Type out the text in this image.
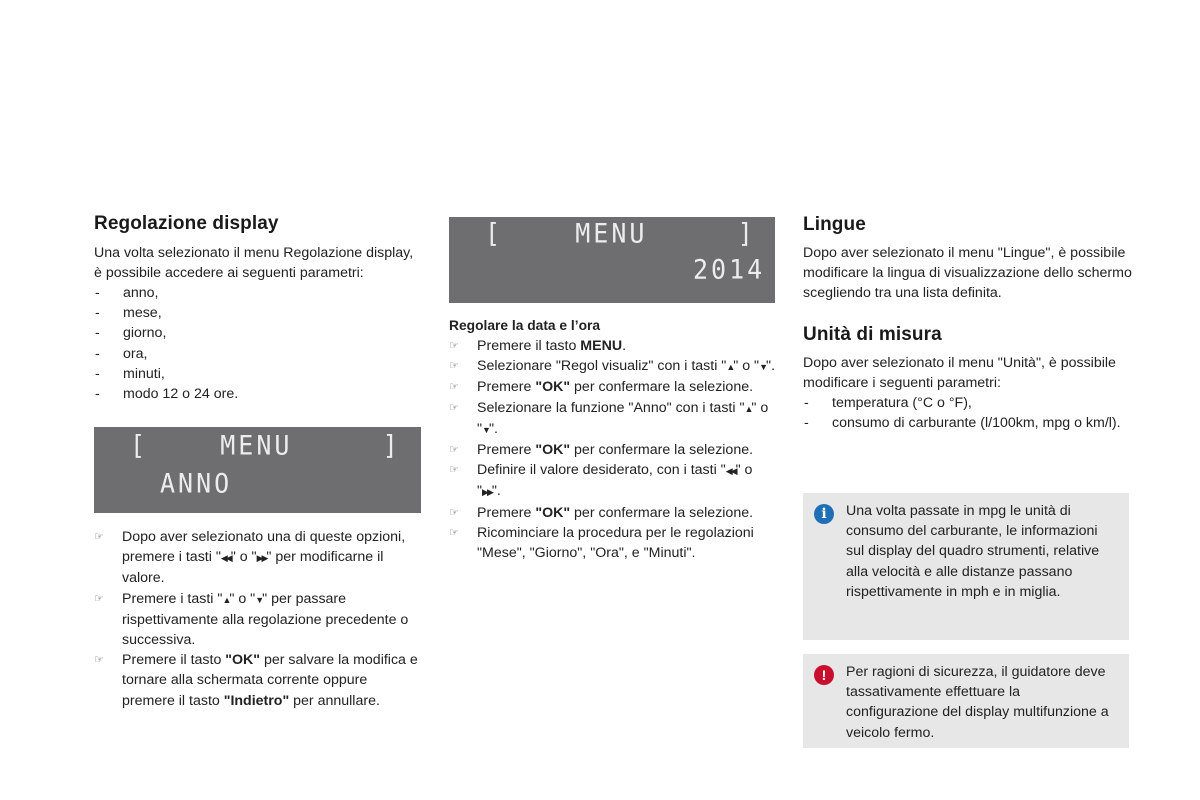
Regolazione display

Una volta selezionato il menu Regolazione display, è possibile accedere ai seguenti parametri:

- anno,
- mese,
- giorno,
- ora,
- minuti,
- modo 12 o 24 ore.
[    MENU     ]
ANNO
☞ Dopo aver selezionato una di queste opzioni, premere i tasti "◀◀" o "▶▶" per modificarne il valore.
☞ Premere i tasti "▲" o "▼" per passare rispettivamente alla regolazione precedente o successiva.
☞ Premere il tasto "OK" per salvare la modifica e tornare alla schermata corrente oppure premere il tasto "Indietro" per annullare.
[    MENU     ]
2014

Regolare la data e l’ora

☞ Premere il tasto MENU.
☞ Selezionare "Regol visualiz" con i tasti "▲" o "▼".
☞ Premere "OK" per confermare la selezione.
☞ Selezionare la funzione "Anno" con i tasti "▲" o "▼".
☞ Premere "OK" per confermare la selezione.
☞ Definire il valore desiderato, con i tasti "◀◀" o "▶▶".
☞ Premere "OK" per confermare la selezione.
☞ Ricominciare la procedura per le regolazioni "Mese", "Giorno", "Ora", e "Minuti".
Lingue

Dopo aver selezionato il menu "Lingue", è possibile modificare la lingua di visualizzazione dello schermo scegliendo tra una lista definita.

Unità di misura

Dopo aver selezionato il menu "Unità", è possibile modificare i seguenti parametri:

- temperatura (°C o °F),
- consumo di carburante (l/100km, mpg o km/l).
i	Una volta passate in mpg le unità di consumo del carburante, le informazioni sul display del quadro strumenti, relative alla velocità e alle distanze passano rispettivamente in mph e in miglia.

!	Per ragioni di sicurezza, il guidatore deve tassativamente effettuare la configurazione del display multifunzione a veicolo fermo.
